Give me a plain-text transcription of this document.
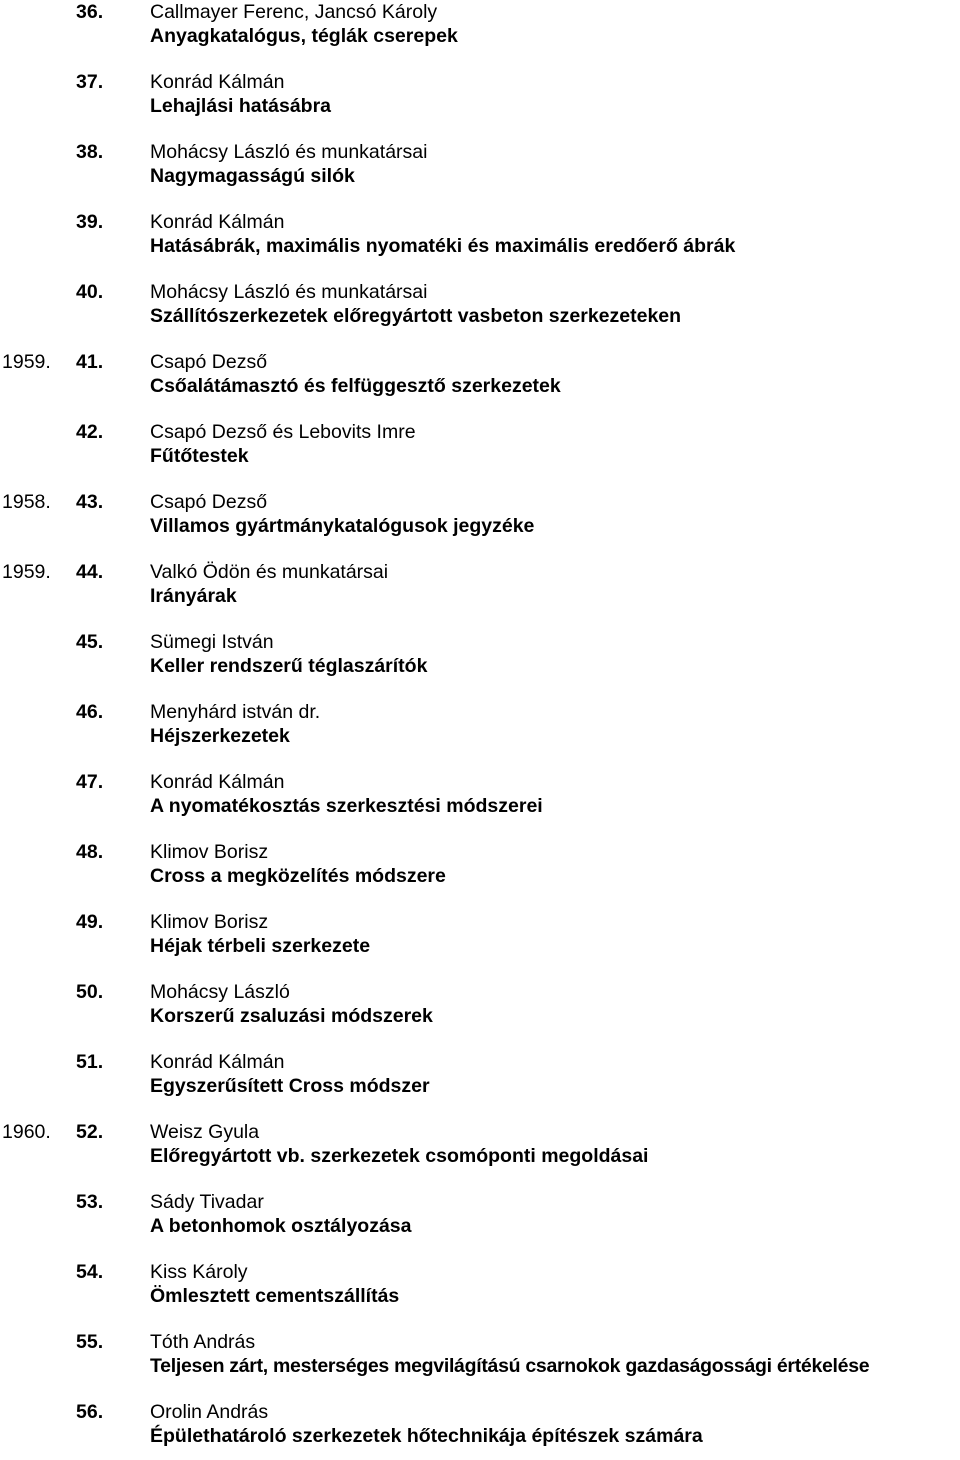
36. Callmayer Ferenc, Jancsó Károly
Anyagkatalógus, téglák cserepek
37. Konrád Kálmán
Lehajlási hatásábra
38. Mohácsy László és munkatársai
Nagymagasságú silók
39. Konrád Kálmán
Hatásábrák, maximális nyomatéki és maximális eredőerő ábrák
40. Mohácsy László és munkatársai
Szállítószerkezetek előregyártott vasbeton szerkezeteken
1959. 41. Csapó Dezső
Csőalátámasztó és felfüggesztő szerkezetek
42. Csapó Dezső és Lebovits Imre
Fűtőtestek
1958. 43. Csapó Dezső
Villamos gyártmánykatalógusok jegyzéke
1959. 44. Valkó Ödön és munkatársai
Irányárak
45. Sümegi István
Keller rendszerű téglaszárítók
46. Menyhárd istván dr.
Héjszerkezetek
47. Konrád Kálmán
A nyomatékosztás szerkesztési módszerei
48. Klimov Borisz
Cross a megközelítés módszere
49. Klimov Borisz
Héjak térbeli szerkezete
50. Mohácsy László
Korszerű zsaluzási módszerek
51. Konrád Kálmán
Egyszerűsített Cross módszer
1960. 52. Weisz Gyula
Előregyártott vb. szerkezetek csomóponti megoldásai
53. Sády Tivadar
A betonhomok osztályozása
54. Kiss Károly
Ömlesztett cementszállítás
55. Tóth András
Teljesen zárt, mesterséges megvilágítású csarnokok gazdaságossági értékelése
56. Orolin András
Épülethatároló szerkezetek hőtechnikája építészek számára
